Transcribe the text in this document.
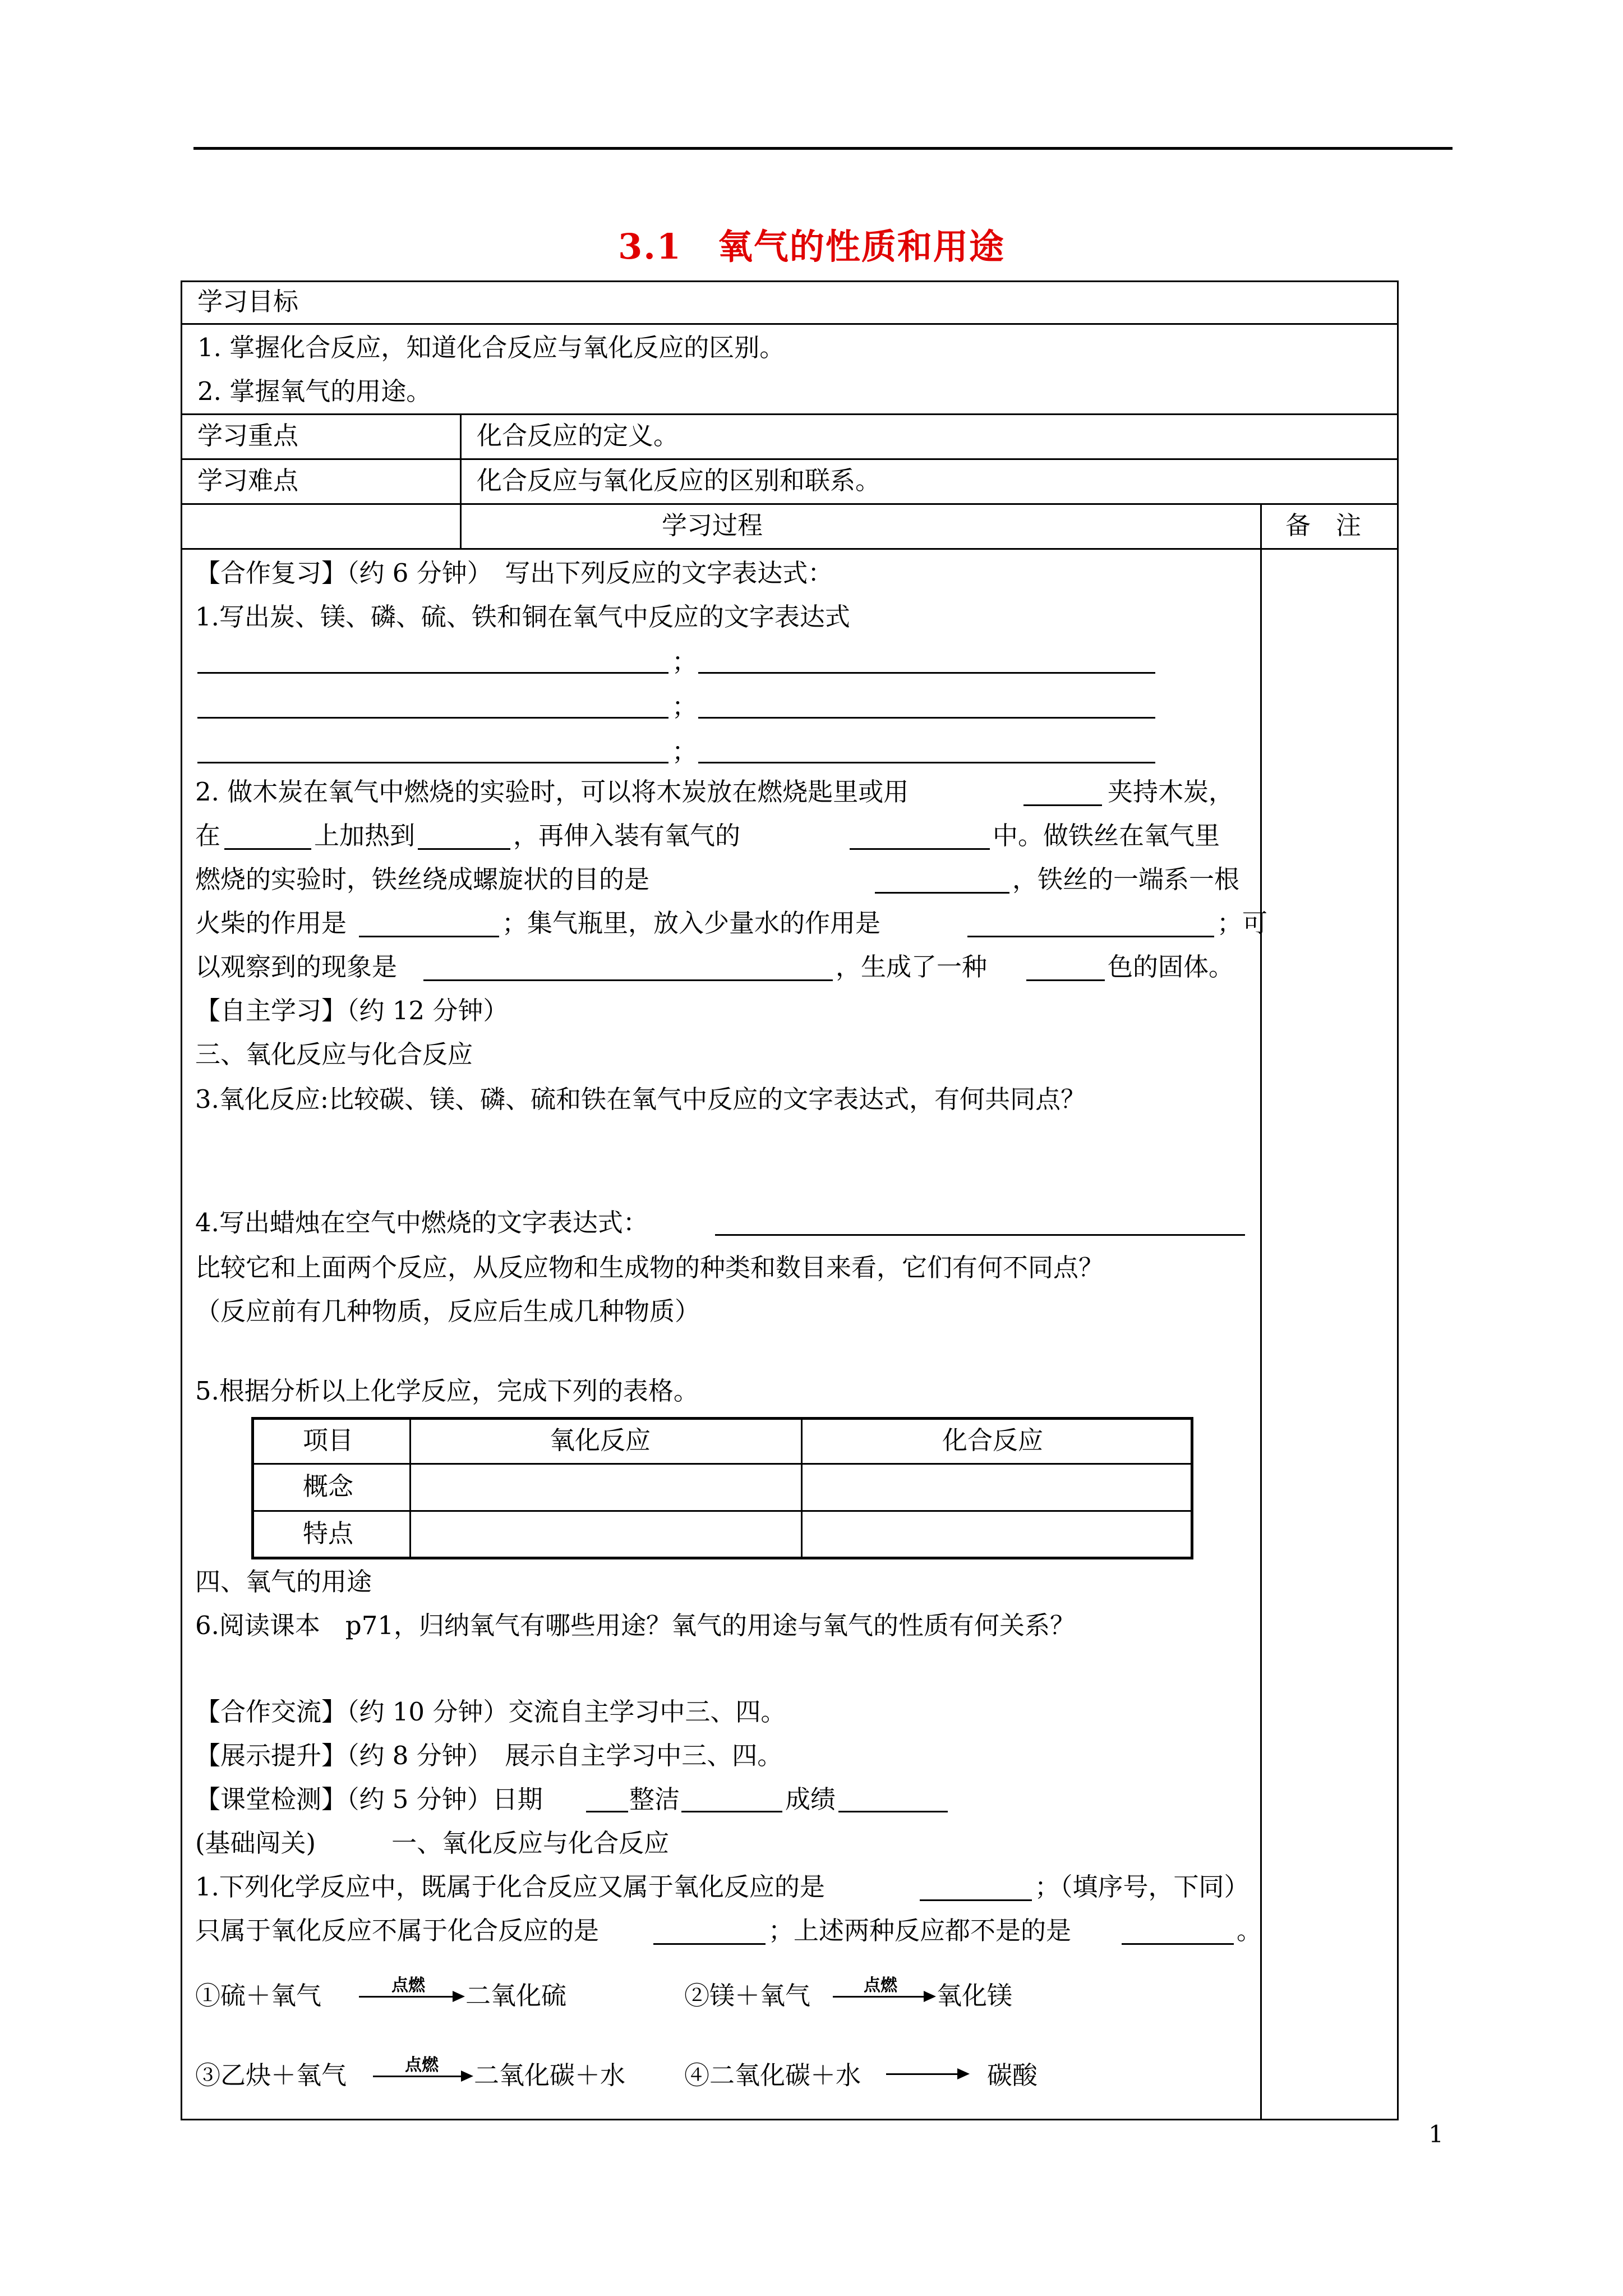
3.1　氧气的性质和用途
学习目标
1. 掌握化合反应，知道化合反应与氧化反应的区别。
2. 掌握氧气的用途。
学习重点	化合反应的定义。
学习难点	化合反应与氧化反应的区别和联系。
学习过程	备　注
【合作复习】（约 6 分钟）　写出下列反应的文字表达式：
1.写出炭、镁、磷、硫、铁和铜在氧气中反应的文字表达式
；
；
；
2. 做木炭在氧气中燃烧的实验时，可以将木炭放在燃烧匙里或用	夹持木炭，
在	上加热到	，再伸入装有氧气的	中。做铁丝在氧气里
燃烧的实验时，铁丝绕成螺旋状的目的是	，铁丝的一端系一根
火柴的作用是	；集气瓶里，放入少量水的作用是	；可
以观察到的现象是	，生成了一种	色的固体。
【自主学习】（约 12 分钟）
三、氧化反应与化合反应
3.氧化反应:比较碳、镁、磷、硫和铁在氧气中反应的文字表达式，有何共同点？
4.写出蜡烛在空气中燃烧的文字表达式：
比较它和上面两个反应，从反应物和生成物的种类和数目来看，它们有何不同点？
（反应前有几种物质，反应后生成几种物质）
5.根据分析以上化学反应，完成下列的表格。
项目	氧化反应	化合反应
概念
特点
四、氧气的用途
6.阅读课本　p71，归纳氧气有哪些用途？氧气的用途与氧气的性质有何关系？
【合作交流】（约 10 分钟）交流自主学习中三、四。
【展示提升】（约 8 分钟）　展示自主学习中三、四。
【课堂检测】（约 5 分钟）日期	整洁	成绩
(基础闯关)　　　一、氧化反应与化合反应
1.下列化学反应中，既属于化合反应又属于氧化反应的是	；（填序号，下同）
只属于氧化反应不属于化合反应的是	；上述两种反应都不是的是	。
①硫＋氧气	点燃 二氧化硫	②镁＋氧气	点燃 氧化镁
③乙炔＋氧气	点燃 二氧化碳＋水 ④二氧化碳＋水	碳酸
1
